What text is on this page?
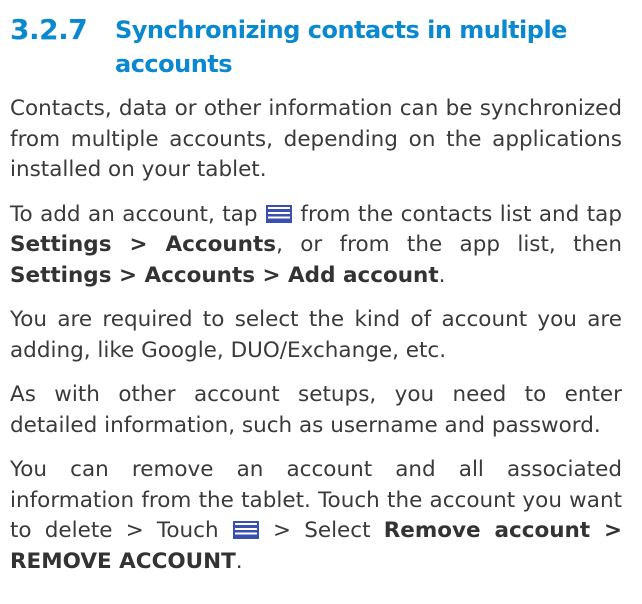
3.2.7 Synchronizing contacts in multiple accounts

Contacts, data or other information can be synchronized from multiple accounts, depending on the applications installed on your tablet.

To add an account, tap  from the contacts list and tap Settings > Accounts, or from the app list, then Settings > Accounts > Add account.

You are required to select the kind of account you are adding, like Google, DUO/Exchange, etc.

As with other account setups, you need to enter detailed information, such as username and password.

You can remove an account and all associated information from the tablet. Touch the account you want to delete > Touch  > Select Remove account > REMOVE ACCOUNT.
